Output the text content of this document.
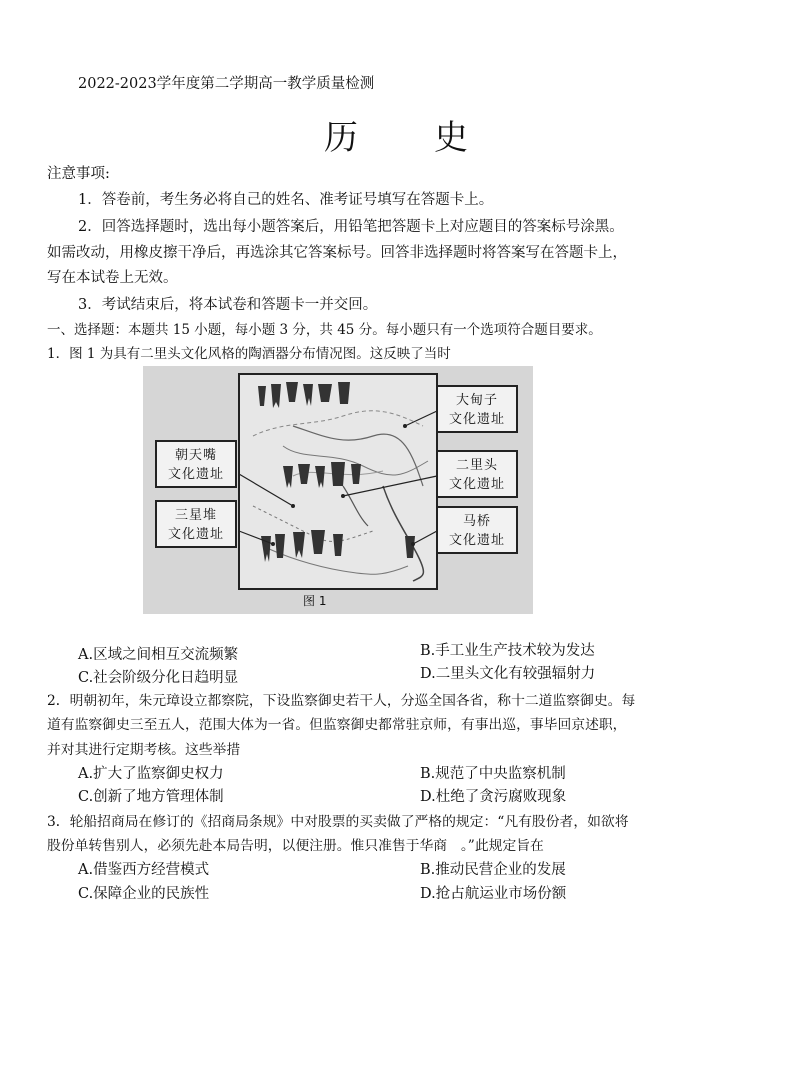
2022-2023学年度第二学期高一教学质量检测
历 史
注意事项:
1．答卷前，考生务必将自己的姓名、准考证号填写在答题卡上。
2．回答选择题时，选出每小题答案后，用铅笔把答题卡上对应题目的答案标号涂黑。
如需改动，用橡皮擦干净后，再选涂其它答案标号。回答非选择题时将答案写在答题卡上，
写在本试卷上无效。
3．考试结束后，将本试卷和答题卡一并交回。
一、选择题：本题共 15 小题，每小题 3 分，共 45 分。每小题只有一个选项符合题目要求。
1．图 1 为具有二里头文化风格的陶酒器分布情况图。这反映了当时
大甸子
文化遗址
二里头
文化遗址
马桥
文化遗址
朝天嘴
文化遗址
三星堆
文化遗址
图 1
A.区域之间相互交流频繁	B.手工业生产技术较为发达
C.社会阶级分化日趋明显	D.二里头文化有较强辐射力
2．明朝初年，朱元璋设立都察院，下设监察御史若干人，分巡全国各省，称十二道监察御史。每
道有监察御史三至五人，范围大体为一省。但监察御史都常驻京师，有事出巡，事毕回京述职，
并对其进行定期考核。这些举措
A.扩大了监察御史权力	B.规范了中央监察机制
C.创新了地方管理体制	D.杜绝了贪污腐败现象
3．轮船招商局在修订的《招商局条规》中对股票的买卖做了严格的规定：“凡有股份者，如欲将
股份单转售别人，必须先赴本局告明，以便注册。惟只准售于华商　。”此规定旨在
A.借鉴西方经营模式	B.推动民营企业的发展
C.保障企业的民族性	D.抢占航运业市场份额
